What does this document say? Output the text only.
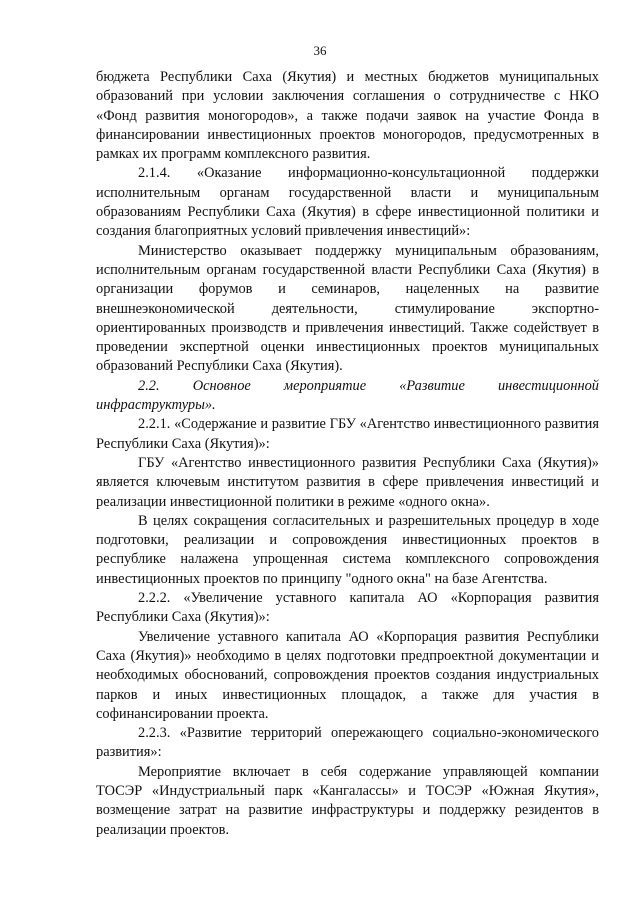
36

бюджета Республики Саха (Якутия) и местных бюджетов муниципальных образований при условии заключения соглашения о сотрудничестве с НКО «Фонд развития моногородов», а также подачи заявок на участие Фонда в финансировании инвестиционных проектов моногородов, предусмотренных в рамках их программ комплексного развития.

2.1.4. «Оказание информационно-консультационной поддержки исполнительным органам государственной власти и муниципальным образованиям Республики Саха (Якутия) в сфере инвестиционной политики и создания благоприятных условий привлечения инвестиций»:

Министерство оказывает поддержку муниципальным образованиям, исполнительным органам государственной власти Республики Саха (Якутия) в организации форумов и семинаров, нацеленных на развитие внешнеэкономической деятельности, стимулирование экспортно-ориентированных производств и привлечения инвестиций. Также содействует в проведении экспертной оценки инвестиционных проектов муниципальных образований Республики Саха (Якутия).

2.2. Основное мероприятие «Развитие инвестиционной инфраструктуры».

2.2.1. «Содержание и развитие ГБУ «Агентство инвестиционного развития Республики Саха (Якутия)»:

ГБУ «Агентство инвестиционного развития Республики Саха (Якутия)» является ключевым институтом развития в сфере привлечения инвестиций и реализации инвестиционной политики в режиме «одного окна».

В целях сокращения согласительных и разрешительных процедур в ходе подготовки, реализации и сопровождения инвестиционных проектов в республике налажена упрощенная система комплексного сопровождения инвестиционных проектов по принципу "одного окна" на базе Агентства.

2.2.2. «Увеличение уставного капитала АО «Корпорация развития Республики Саха (Якутия)»:

Увеличение уставного капитала АО «Корпорация развития Республики Саха (Якутия)» необходимо в целях подготовки предпроектной документации и необходимых обоснований, сопровождения проектов создания индустриальных парков и иных инвестиционных площадок, а также для участия в софинансировании проекта.

2.2.3. «Развитие территорий опережающего социально-экономического развития»:

Мероприятие включает в себя содержание управляющей компании ТОСЭР «Индустриальный парк «Кангалассы» и ТОСЭР «Южная Якутия», возмещение затрат на развитие инфраструктуры и поддержку резидентов в реализации проектов.
